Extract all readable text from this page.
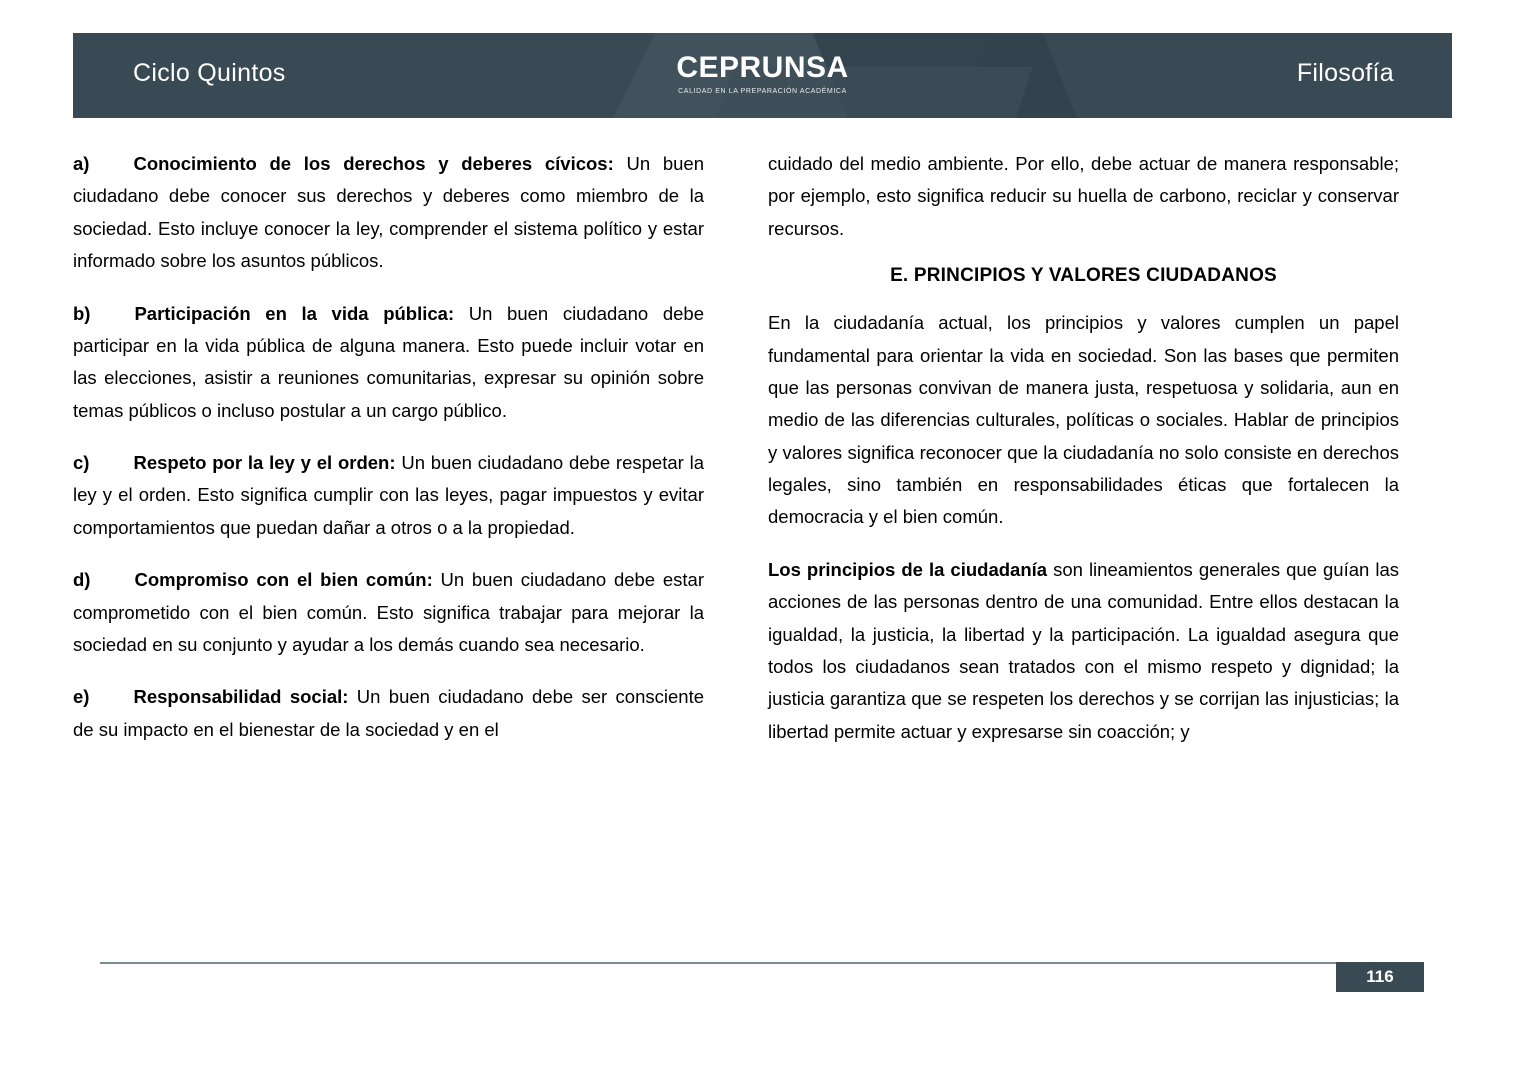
Ciclo Quintos	CEPRUNSA
CALIDAD EN LA PREPARACIÓN ACADÉMICA
Filosofía

a) Conocimiento de los derechos y deberes cívicos: Un buen ciudadano debe conocer sus derechos y deberes como miembro de la sociedad. Esto incluye conocer la ley, comprender el sistema político y estar informado sobre los asuntos públicos.

b) Participación en la vida pública: Un buen ciudadano debe participar en la vida pública de alguna manera. Esto puede incluir votar en las elecciones, asistir a reuniones comunitarias, expresar su opinión sobre temas públicos o incluso postular a un cargo público.

c) Respeto por la ley y el orden: Un buen ciudadano debe respetar la ley y el orden. Esto significa cumplir con las leyes, pagar impuestos y evitar comportamientos que puedan dañar a otros o a la propiedad.

d) Compromiso con el bien común: Un buen ciudadano debe estar comprometido con el bien común. Esto significa trabajar para mejorar la sociedad en su conjunto y ayudar a los demás cuando sea necesario.

e) Responsabilidad social: Un buen ciudadano debe ser consciente de su impacto en el bienestar de la sociedad y en el

cuidado del medio ambiente. Por ello, debe actuar de manera responsable; por ejemplo, esto significa reducir su huella de carbono, reciclar y conservar recursos.

E. PRINCIPIOS Y VALORES CIUDADANOS

En la ciudadanía actual, los principios y valores cumplen un papel fundamental para orientar la vida en sociedad. Son las bases que permiten que las personas convivan de manera justa, respetuosa y solidaria, aun en medio de las diferencias culturales, políticas o sociales. Hablar de principios y valores significa reconocer que la ciudadanía no solo consiste en derechos legales, sino también en responsabilidades éticas que fortalecen la democracia y el bien común.

Los principios de la ciudadanía son lineamientos generales que guían las acciones de las personas dentro de una comunidad. Entre ellos destacan la igualdad, la justicia, la libertad y la participación. La igualdad asegura que todos los ciudadanos sean tratados con el mismo respeto y dignidad; la justicia garantiza que se respeten los derechos y se corrijan las injusticias; la libertad permite actuar y expresarse sin coacción; y

116
